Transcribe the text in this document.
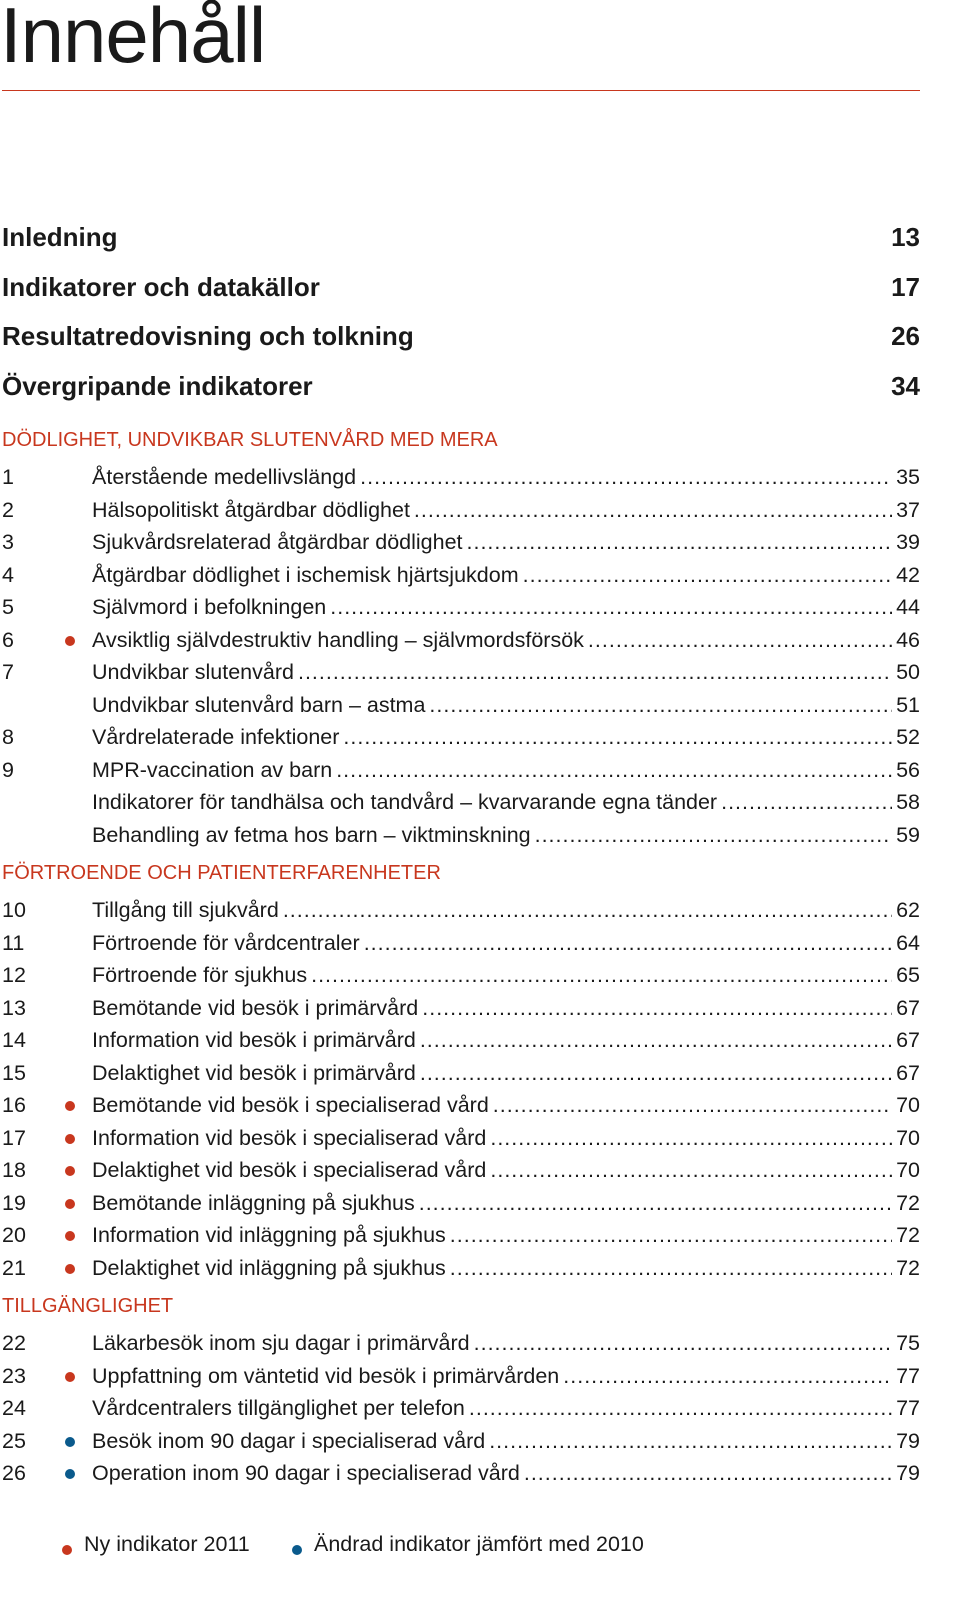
Innehåll
Inledning	13
Indikatorer och datakällor	17
Resultatredovisning och tolkning	26
Övergripande indikatorer	34
DÖDLIGHET, UNDVIKBAR SLUTENVÅRD MED MERA
1	Återstående medellivslängd .....	35
2	Hälsopolitiskt åtgärdbar dödlighet .....	37
3	Sjukvårdsrelaterad åtgärdbar dödlighet .....	39
4	Åtgärdbar dödlighet i ischemisk hjärtsjukdom .....	42
5	Självmord i befolkningen .....	44
6	Avsiktlig självdestruktiv handling – självmordsförsök .....	46
7	Undvikbar slutenvård .....	50
Undvikbar slutenvård barn – astma .....	51
8	Vårdrelaterade infektioner .....	52
9	MPR-vaccination av barn .....	56
Indikatorer för tandhälsa och tandvård – kvarvarande egna tänder .....	58
Behandling av fetma hos barn – viktminskning .....	59
FÖRTROENDE OCH PATIENTERFARENHETER
10	Tillgång till sjukvård .....	62
11	Förtroende för vårdcentraler .....	64
12	Förtroende för sjukhus .....	65
13	Bemötande vid besök i primärvård .....	67
14	Information vid besök i primärvård .....	67
15	Delaktighet vid besök i primärvård .....	67
16	Bemötande vid besök i specialiserad vård .....	70
17	Information vid besök i specialiserad vård .....	70
18	Delaktighet vid besök i specialiserad vård .....	70
19	Bemötande inläggning på sjukhus .....	72
20	Information vid inläggning på sjukhus .....	72
21	Delaktighet vid inläggning på sjukhus .....	72
TILLGÄNGLIGHET
22	Läkarbesök inom sju dagar i primärvård .....	75
23	Uppfattning om väntetid vid besök i primärvården .....	77
24	Vårdcentralers tillgänglighet per telefon .....	77
25	Besök inom 90 dagar i specialiserad vård .....	79
26	Operation inom 90 dagar i specialiserad vård .....	79
Ny indikator 2011	Ändrad indikator jämfört med 2010
